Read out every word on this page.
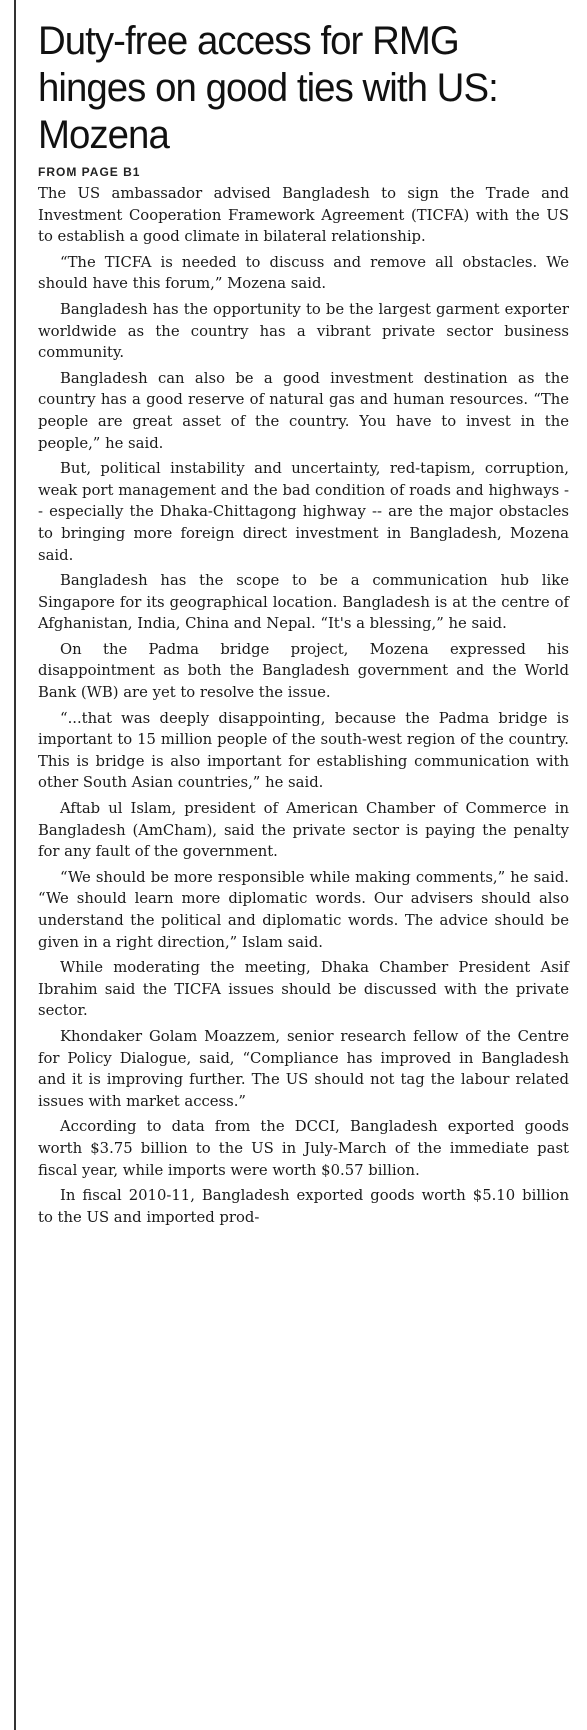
Duty-free access for RMG hinges on good ties with US: Mozena
FROM PAGE B1

The US ambassador advised Bangladesh to sign the Trade and Investment Cooperation Framework Agreement (TICFA) with the US to establish a good climate in bilateral relationship.

“The TICFA is needed to discuss and remove all obstacles. We should have this forum,” Mozena said.

Bangladesh has the opportunity to be the largest garment exporter worldwide as the country has a vibrant private sector business community.

Bangladesh can also be a good investment destination as the country has a good reserve of natural gas and human resources. “The people are great asset of the country. You have to invest in the people,” he said.

But, political instability and uncertainty, red-tapism, corruption, weak port management and the bad condition of roads and highways -- especially the Dhaka-Chittagong highway -- are the major obstacles to bringing more foreign direct investment in Bangladesh, Mozena said.

Bangladesh has the scope to be a communication hub like Singapore for its geographical location. Bangladesh is at the centre of Afghanistan, India, China and Nepal. “It's a blessing,” he said.

On the Padma bridge project, Mozena expressed his disappointment as both the Bangladesh government and the World Bank (WB) are yet to resolve the issue.

“...that was deeply disappointing, because the Padma bridge is important to 15 million people of the south-west region of the country. This is bridge is also important for establishing communication with other South Asian countries,” he said.

Aftab ul Islam, president of American Chamber of Commerce in Bangladesh (AmCham), said the private sector is paying the penalty for any fault of the government.

“We should be more responsible while making comments,” he said. “We should learn more diplomatic words. Our advisers should also understand the political and diplomatic words. The advice should be given in a right direction,” Islam said.

While moderating the meeting, Dhaka Chamber President Asif Ibrahim said the TICFA issues should be discussed with the private sector.

Khondaker Golam Moazzem, senior research fellow of the Centre for Policy Dialogue, said, “Compliance has improved in Bangladesh and it is improving further. The US should not tag the labour related issues with market access.”

According to data from the DCCI, Bangladesh exported goods worth $3.75 billion to the US in July-March of the immediate past fiscal year, while imports were worth $0.57 billion.

In fiscal 2010-11, Bangladesh exported goods worth $5.10 billion to the US and imported prod-
